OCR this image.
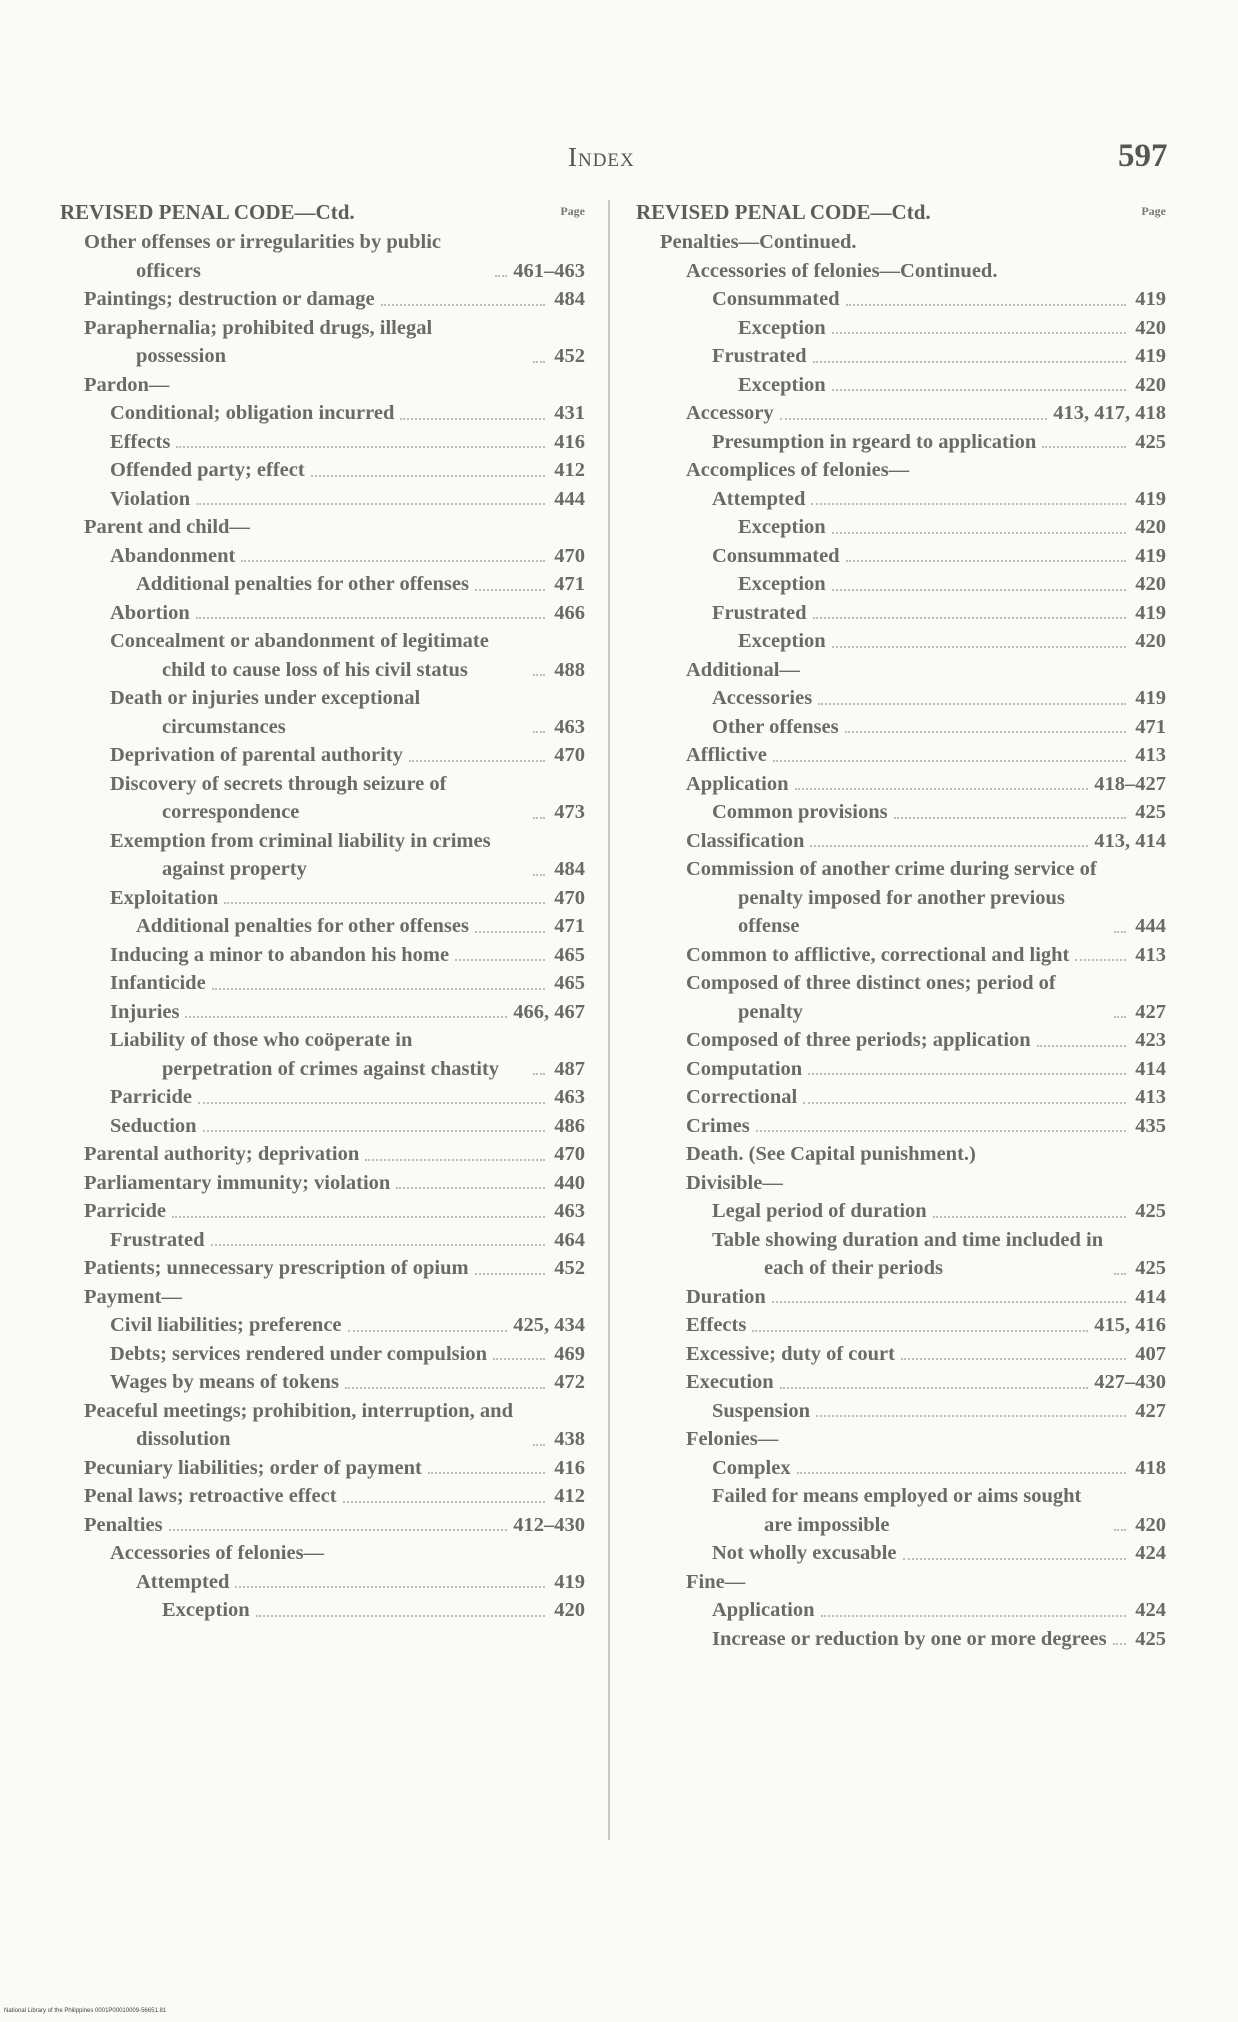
Index	597
REVISED PENAL CODE—Ctd.	Page
Other offenses or irregularities by public officers	461–463
Paintings; destruction or damage	484
Paraphernalia; prohibited drugs, illegal possession	452
Pardon—
Conditional; obligation incurred	431
Effects	416
Offended party; effect	412
Violation	444
Parent and child—
Abandonment	470
Additional penalties for other offenses	471
Abortion	466
Concealment or abandonment of legitimate child to cause loss of his civil status	488
Death or injuries under exceptional circumstances	463
Deprivation of parental authority	470
Discovery of secrets through seizure of correspondence	473
Exemption from criminal liability in crimes against property	484
Exploitation	470
Additional penalties for other offenses	471
Inducing a minor to abandon his home	465
Infanticide	465
Injuries	466, 467
Liability of those who coöperate in perpetration of crimes against chastity	487
Parricide	463
Seduction	486
Parental authority; deprivation	470
Parliamentary immunity; violation	440
Parricide	463
Frustrated	464
Patients; unnecessary prescription of opium	452
Payment—
Civil liabilities; preference	425, 434
Debts; services rendered under compulsion	469
Wages by means of tokens	472
Peaceful meetings; prohibition, interruption, and dissolution	438
Pecuniary liabilities; order of payment	416
Penal laws; retroactive effect	412
Penalties	412–430
Accessories of felonies—
Attempted	419
Exception	420
REVISED PENAL CODE—Ctd.	Page
Penalties—Continued.
Accessories of felonies—Continued.
Consummated	419
Exception	420
Frustrated	419
Exception	420
Accessory	413, 417, 418
Presumption in rgeard to application	425
Accomplices of felonies—
Attempted	419
Exception	420
Consummated	419
Exception	420
Frustrated	419
Exception	420
Additional—
Accessories	419
Other offenses	471
Afflictive	413
Application	418–427
Common provisions	425
Classification	413, 414
Commission of another crime during service of penalty imposed for another previous offense	444
Common to afflictive, correctional and light	413
Composed of three distinct ones; period of penalty	427
Composed of three periods; application	423
Computation	414
Correctional	413
Crimes	435
Death. (See Capital punishment.)
Divisible—
Legal period of duration	425
Table showing duration and time included in each of their periods	425
Duration	414
Effects	415, 416
Excessive; duty of court	407
Execution	427–430
Suspension	427
Felonies—
Complex	418
Failed for means employed or aims sought are impossible	420
Not wholly excusable	424
Fine—
Application	424
Increase or reduction by one or more degrees 425
National Library of the Philippines 0001P00010009-56651.81
